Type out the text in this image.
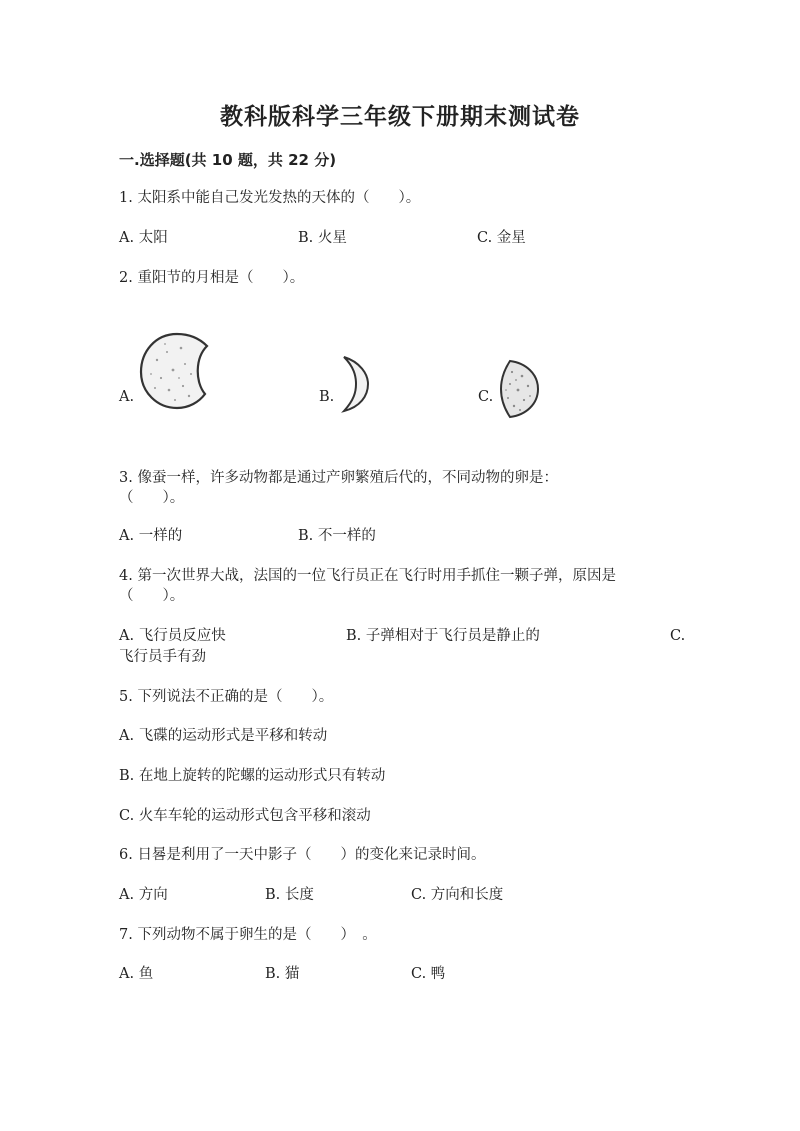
教科版科学三年级下册期末测试卷
一.选择题(共 10 题，共 22 分)
1. 太阳系中能自己发光发热的天体的（　　）。
A. 太阳	B. 火星	C. 金星
2. 重阳节的月相是（　　）。
A.	B.	C.
3. 像蚕一样，许多动物都是通过产卵繁殖后代的，不同动物的卵是：
（　　）。
A. 一样的	B. 不一样的
4. 第一次世界大战，法国的一位飞行员正在飞行时用手抓住一颗子弹，原因是
（　　）。
A. 飞行员反应快	B. 子弹相对于飞行员是静止的	C.
飞行员手有劲
5. 下列说法不正确的是（　　）。
A. 飞碟的运动形式是平移和转动
B. 在地上旋转的陀螺的运动形式只有转动
C. 火车车轮的运动形式包含平移和滚动
6. 日晷是利用了一天中影子（　　）的变化来记录时间。
A. 方向	B. 长度	C. 方向和长度
7. 下列动物不属于卵生的是（　　）　。
A. 鱼	B. 猫	C. 鸭
